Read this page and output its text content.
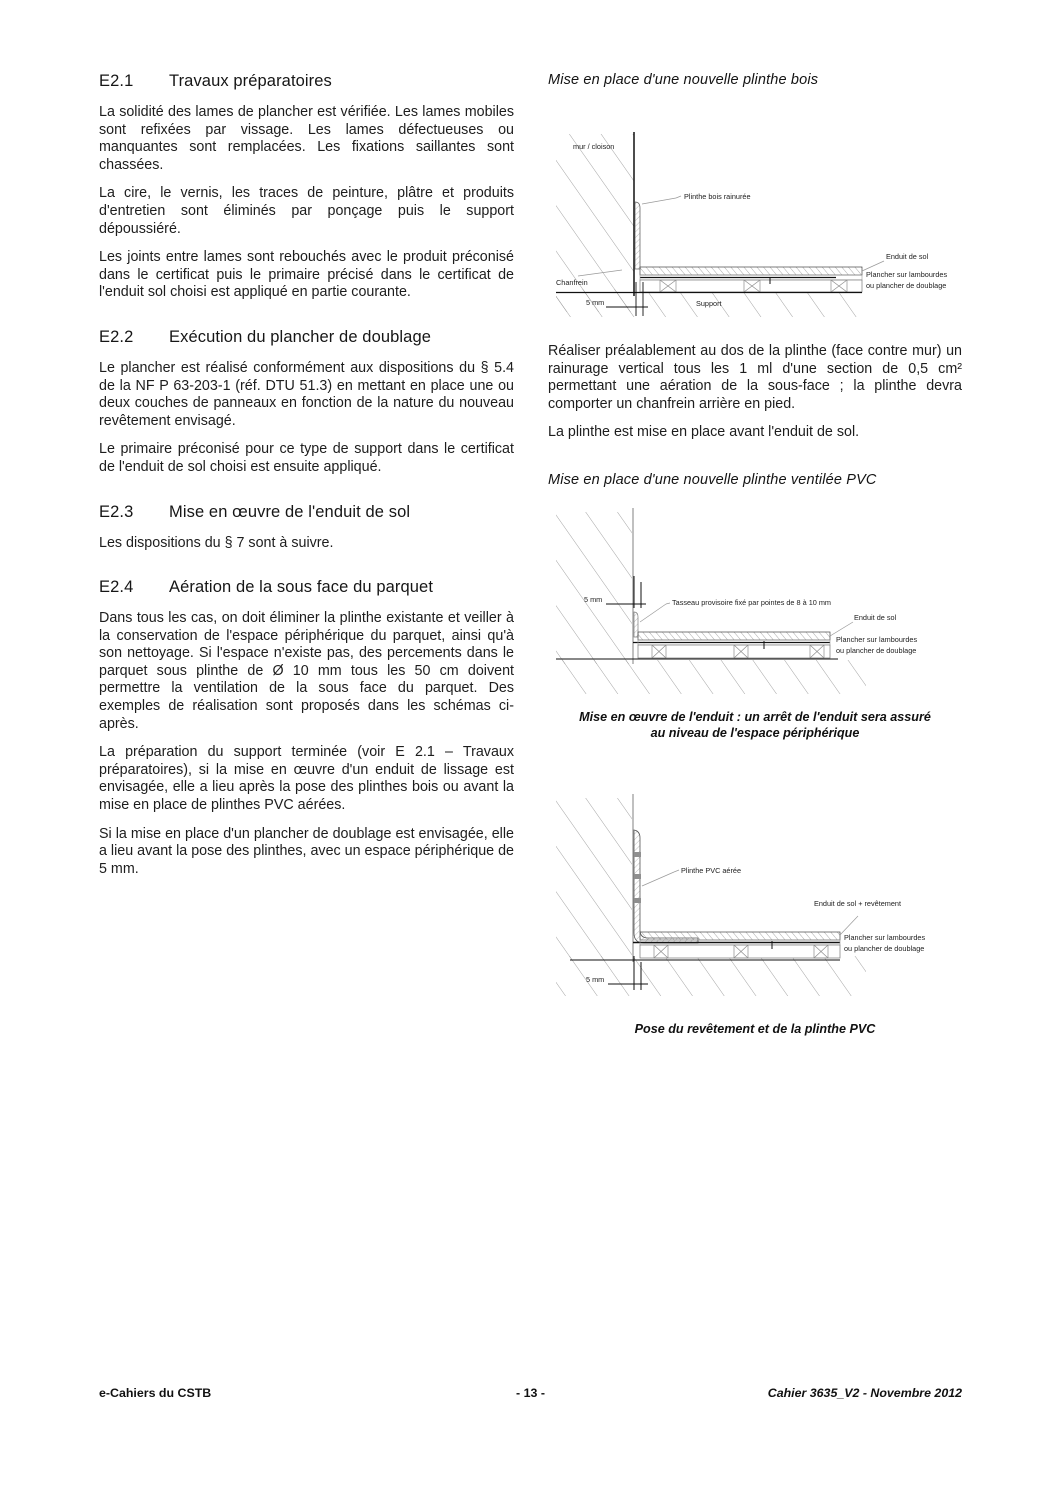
E2.1	Travaux préparatoires

La solidité des lames de plancher est vérifiée. Les lames mobiles sont refixées par vissage. Les lames défectueuses ou manquantes sont remplacées. Les fixations saillantes sont chassées.

La cire, le vernis, les traces de peinture, plâtre et produits d'entretien sont éliminés par ponçage puis le support dépoussiéré.

Les joints entre lames sont rebouchés avec le produit préconisé dans le certificat puis le primaire précisé dans le certificat de l'enduit sol choisi est appliqué en partie courante.

E2.2	Exécution du plancher de doublage

Le plancher est réalisé conformément aux dispositions du § 5.4 de la NF P 63-203-1 (réf. DTU 51.3) en mettant en place une ou deux couches de panneaux en fonction de la nature du nouveau revêtement envisagé.

Le primaire préconisé pour ce type de support dans le certificat de l'enduit de sol choisi est ensuite appliqué.

E2.3	Mise en œuvre de l'enduit de sol

Les dispositions du § 7 sont à suivre.

E2.4	Aération de la sous face du parquet

Dans tous les cas, on doit éliminer la plinthe existante et veiller à la conservation de l'espace périphérique du parquet, ainsi qu'à son nettoyage. Si l'espace n'existe pas, des percements dans le parquet sous plinthe de Ø 10 mm tous les 50 cm doivent permettre la ventilation de la sous face du parquet. Des exemples de réalisation sont proposés dans les schémas ci-après.

La préparation du support terminée (voir E 2.1 – Travaux préparatoires), si la mise en œuvre d'un enduit de lissage est envisagée, elle a lieu après la pose des plinthes bois ou avant la mise en place de plinthes PVC aérées.

Si la mise en place d'un plancher de doublage est envisagée, elle a lieu avant la pose des plinthes, avec un espace périphérique de 5 mm.

Mise en place d'une nouvelle plinthe bois
mur / cloison
Plinthe bois rainurée
Enduit de sol
Plancher sur lambourdes
ou plancher de doublage
Chanfrein
5 mm	Support

Réaliser préalablement au dos de la plinthe (face contre mur) un rainurage vertical tous les 1 ml d'une section de 0,5 cm² permettant une aération de la sous-face ; la plinthe devra comporter un chanfrein arrière en pied.

La plinthe est mise en place avant l'enduit de sol.

Mise en place d'une nouvelle plinthe ventilée PVC
5 mm	Tasseau provisoire fixé par pointes de 8 à 10 mm
Enduit de sol
Plancher sur lambourdes
ou plancher de doublage

Mise en œuvre de l'enduit : un arrêt de l'enduit sera assuré
au niveau de l'espace périphérique

Plinthe PVC aérée
Enduit de sol + revêtement
Plancher sur lambourdes
ou plancher de doublage
5 mm

Pose du revêtement et de la plinthe PVC

e-Cahiers du CSTB	- 13 -	Cahier 3635_V2 - Novembre 2012
